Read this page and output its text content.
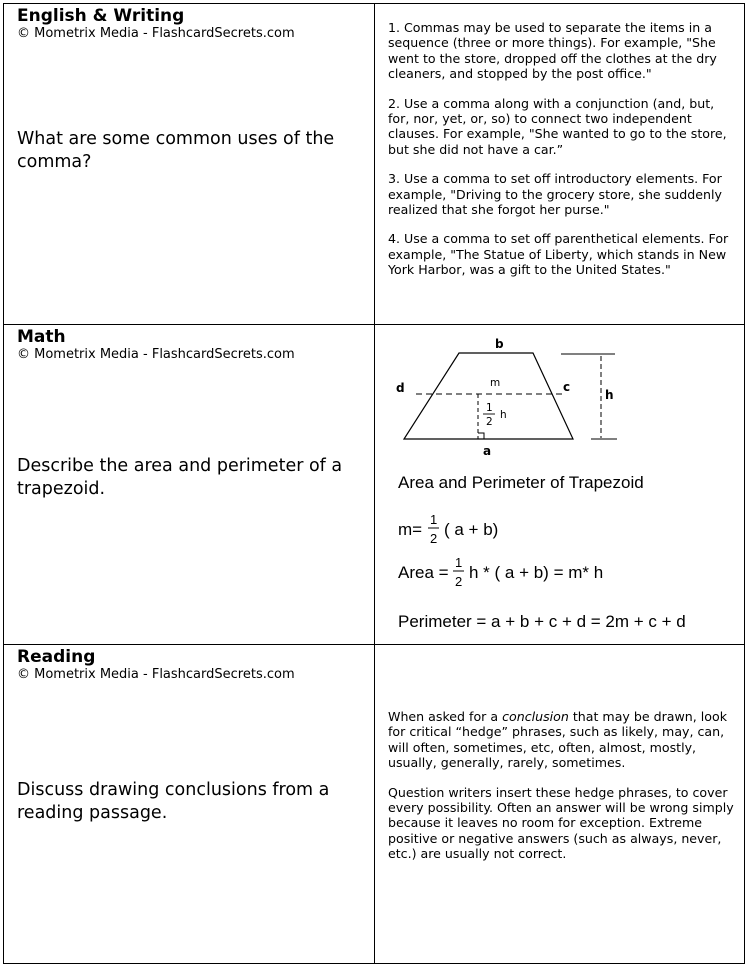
English & Writing
© Mometrix Media - FlashcardSecrets.com
What are some common uses of the comma?

1. Commas may be used to separate the items in a sequence (three or more things). For example, "She went to the store, dropped off the clothes at the dry cleaners, and stopped by the post office."

2. Use a comma along with a conjunction (and, but, for, nor, yet, or, so) to connect two independent clauses. For example, "She wanted to go to the store, but she did not have a car.”

3. Use a comma to set off introductory elements. For example, "Driving to the grocery store, she suddenly realized that she forgot her purse."

4. Use a comma to set off parenthetical elements. For example, "The Statue of Liberty, which stands in New York Harbor, was a gift to the United States."

Math
© Mometrix Media - FlashcardSecrets.com
Describe the area and perimeter of a trapezoid.
b
a
c
d	m
h
1
2
h
Area and Perimeter of Trapezoid
m=
1
2 ( a + b)
Area =
1
2 h * ( a + b) = m* h
Perimeter = a + b + c + d = 2m + c + d
Reading
© Mometrix Media - FlashcardSecrets.com
Discuss drawing conclusions from a reading passage.

When asked for a conclusion that may be drawn, look for critical “hedge” phrases, such as likely, may, can, will often, sometimes, etc, often, almost, mostly, usually, generally, rarely, sometimes.

Question writers insert these hedge phrases, to cover every possibility. Often an answer will be wrong simply because it leaves no room for exception. Extreme positive or negative answers (such as always, never, etc.) are usually not correct.
